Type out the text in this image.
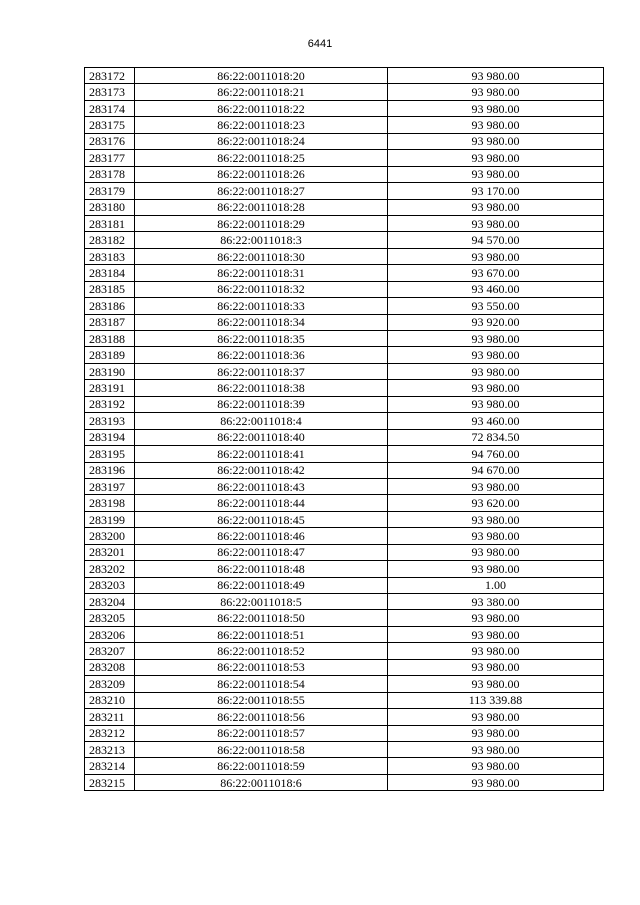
6441
283172	86:22:0011018:20	93 980.00
283173	86:22:0011018:21	93 980.00
283174	86:22:0011018:22	93 980.00
283175	86:22:0011018:23	93 980.00
283176	86:22:0011018:24	93 980.00
283177	86:22:0011018:25	93 980.00
283178	86:22:0011018:26	93 980.00
283179	86:22:0011018:27	93 170.00
283180	86:22:0011018:28	93 980.00
283181	86:22:0011018:29	93 980.00
283182	86:22:0011018:3	94 570.00
283183	86:22:0011018:30	93 980.00
283184	86:22:0011018:31	93 670.00
283185	86:22:0011018:32	93 460.00
283186	86:22:0011018:33	93 550.00
283187	86:22:0011018:34	93 920.00
283188	86:22:0011018:35	93 980.00
283189	86:22:0011018:36	93 980.00
283190	86:22:0011018:37	93 980.00
283191	86:22:0011018:38	93 980.00
283192	86:22:0011018:39	93 980.00
283193	86:22:0011018:4	93 460.00
283194	86:22:0011018:40	72 834.50
283195	86:22:0011018:41	94 760.00
283196	86:22:0011018:42	94 670.00
283197	86:22:0011018:43	93 980.00
283198	86:22:0011018:44	93 620.00
283199	86:22:0011018:45	93 980.00
283200	86:22:0011018:46	93 980.00
283201	86:22:0011018:47	93 980.00
283202	86:22:0011018:48	93 980.00
283203	86:22:0011018:49	1.00
283204	86:22:0011018:5	93 380.00
283205	86:22:0011018:50	93 980.00
283206	86:22:0011018:51	93 980.00
283207	86:22:0011018:52	93 980.00
283208	86:22:0011018:53	93 980.00
283209	86:22:0011018:54	93 980.00
283210	86:22:0011018:55	113 339.88
283211	86:22:0011018:56	93 980.00
283212	86:22:0011018:57	93 980.00
283213	86:22:0011018:58	93 980.00
283214	86:22:0011018:59	93 980.00
283215	86:22:0011018:6	93 980.00
